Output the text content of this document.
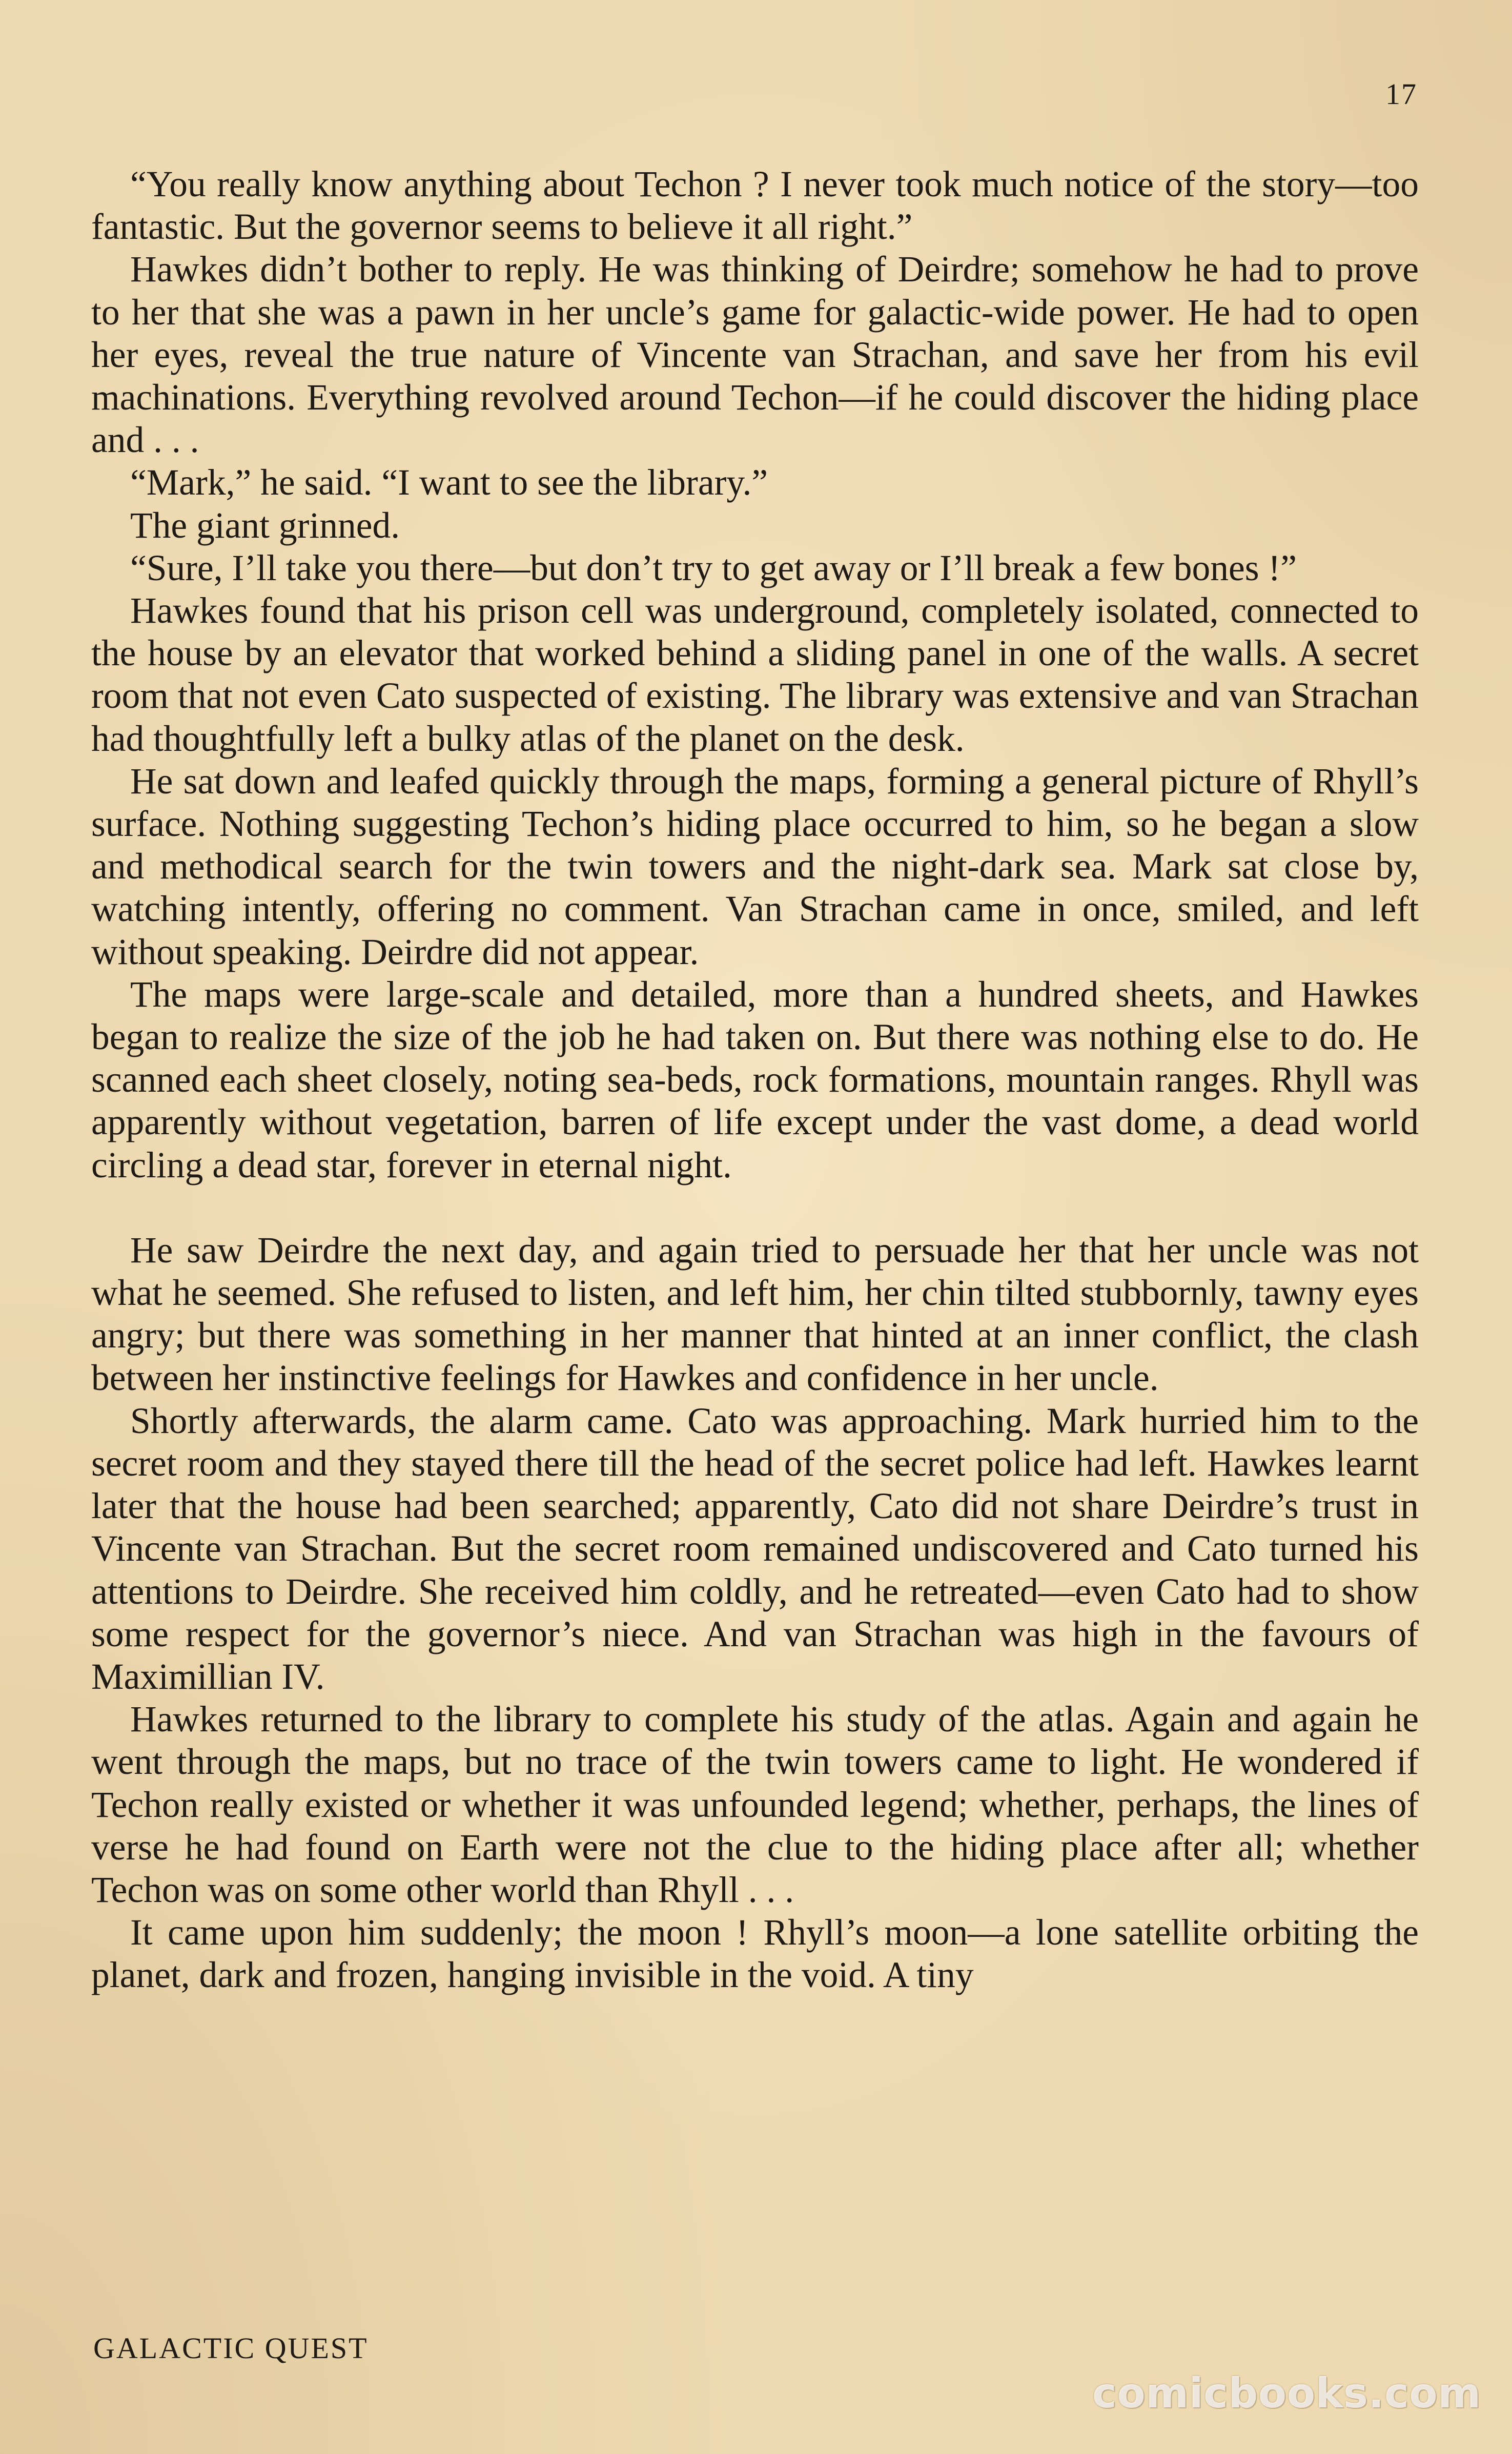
17

“You really know anything about Techon ? I never took much notice of the story—too fantastic. But the governor seems to believe it all right.”

Hawkes didn’t bother to reply. He was thinking of Deirdre; somehow he had to prove to her that she was a pawn in her uncle’s game for galactic-wide power. He had to open her eyes, reveal the true nature of Vincente van Strachan, and save her from his evil machinations. Everything revolved around Techon—if he could discover the hiding place and . . .

“Mark,” he said. “I want to see the library.”

The giant grinned.

“Sure, I’ll take you there—but don’t try to get away or I’ll break a few bones !”

Hawkes found that his prison cell was underground, completely isolated, connected to the house by an elevator that worked behind a sliding panel in one of the walls. A secret room that not even Cato suspected of existing. The library was extensive and van Strachan had thoughtfully left a bulky atlas of the planet on the desk.

He sat down and leafed quickly through the maps, forming a general picture of Rhyll’s surface. Nothing suggesting Techon’s hiding place occurred to him, so he began a slow and methodical search for the twin towers and the night-dark sea. Mark sat close by, watching intently, offering no comment. Van Strachan came in once, smiled, and left without speaking. Deirdre did not appear.

The maps were large-scale and detailed, more than a hundred sheets, and Hawkes began to realize the size of the job he had taken on. But there was nothing else to do. He scanned each sheet closely, noting sea-beds, rock formations, mountain ranges. Rhyll was apparently without vegetation, barren of life except under the vast dome, a dead world circling a dead star, forever in eternal night.

He saw Deirdre the next day, and again tried to persuade her that her uncle was not what he seemed. She refused to listen, and left him, her chin tilted stubbornly, tawny eyes angry; but there was something in her manner that hinted at an inner conflict, the clash between her instinctive feelings for Hawkes and confidence in her uncle.

Shortly afterwards, the alarm came. Cato was approaching. Mark hurried him to the secret room and they stayed there till the head of the secret police had left. Hawkes learnt later that the house had been searched; apparently, Cato did not share Deirdre’s trust in Vincente van Strachan. But the secret room remained undiscovered and Cato turned his attentions to Deirdre. She received him coldly, and he retreated—even Cato had to show some respect for the governor’s niece. And van Strachan was high in the favours of Maximillian IV.

Hawkes returned to the library to complete his study of the atlas. Again and again he went through the maps, but no trace of the twin towers came to light. He wondered if Techon really existed or whether it was unfounded legend; whether, perhaps, the lines of verse he had found on Earth were not the clue to the hiding place after all; whether Techon was on some other world than Rhyll . . .

It came upon him suddenly; the moon ! Rhyll’s moon—a lone satellite orbiting the planet, dark and frozen, hanging invisible in the void. A tiny

GALACTIC QUEST
comicbooks.com
